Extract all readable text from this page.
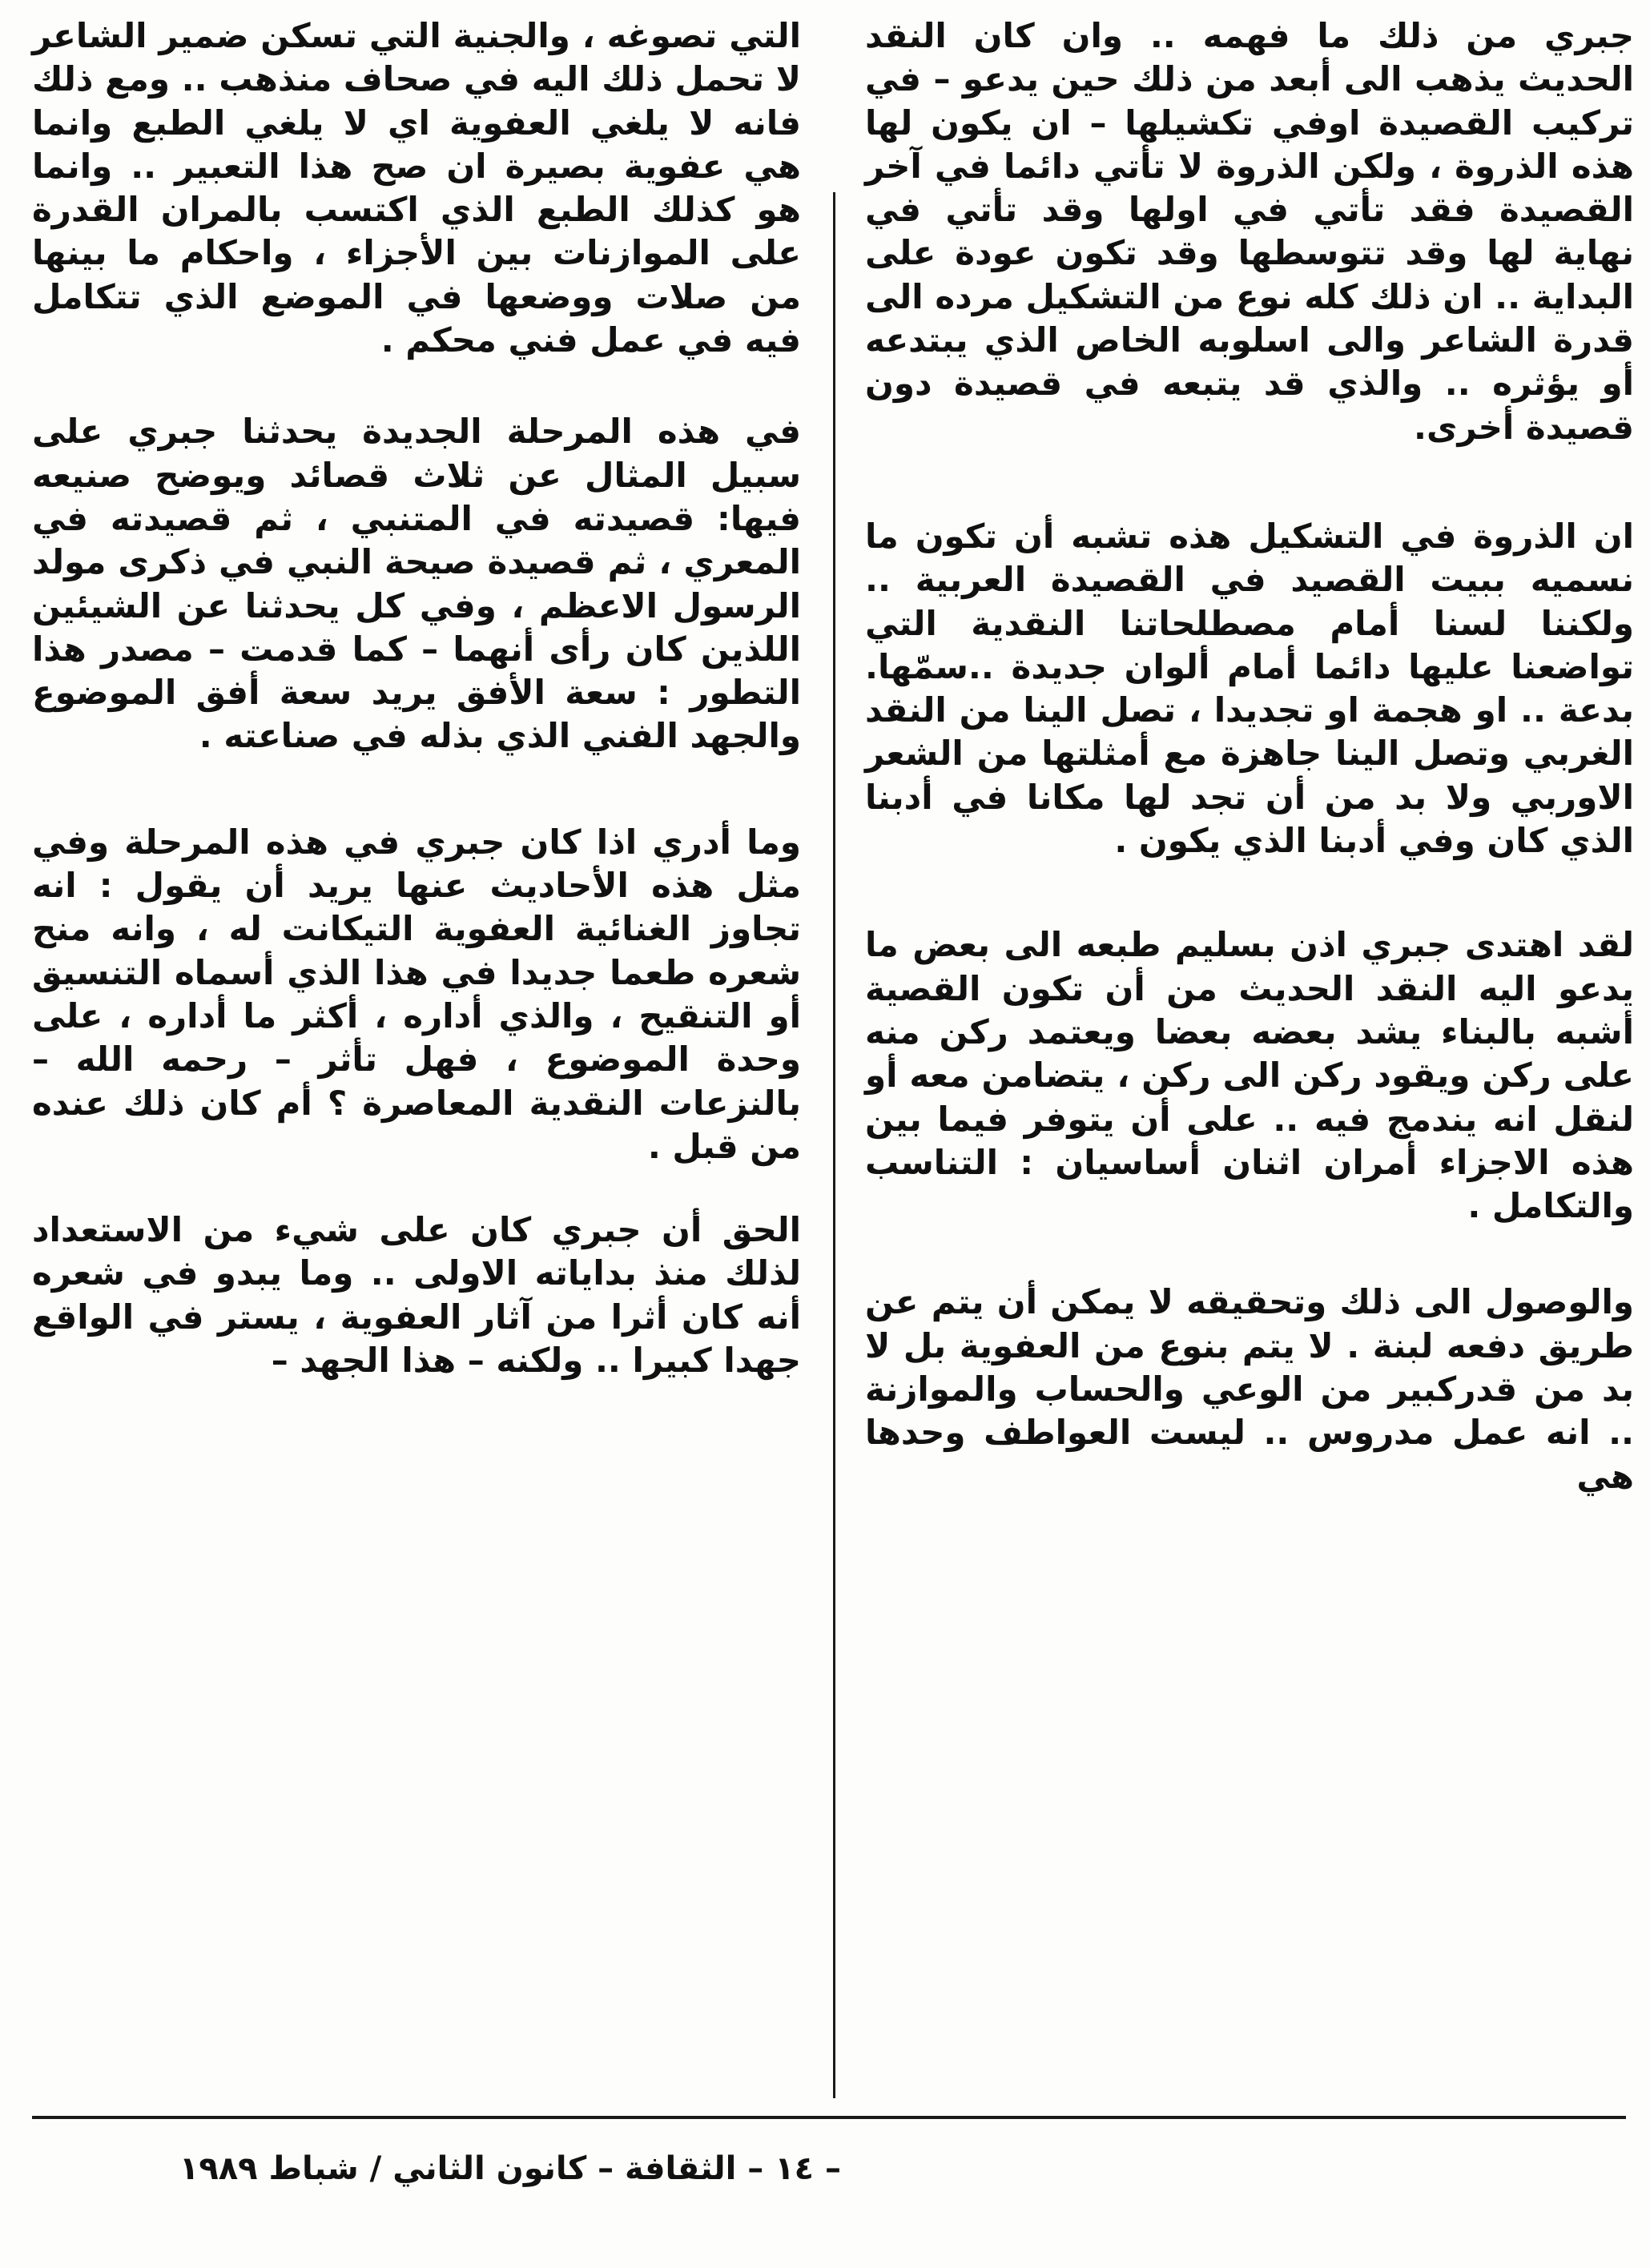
جبري من ذلك ما فهمه .. وان كان النقد الحديث يذهب الى أبعد من ذلك حين يدعو – في تركيب القصيدة اوفي تكشيلها – ان يكون لها هذه الذروة ، ولكن الذروة لا تأتي دائما في آخر القصيدة فقد تأتي في اولها وقد تأتي في نهاية لها وقد تتوسطها وقد تكون عودة على البداية .. ان ذلك كله نوع من التشكيل مرده الى قدرة الشاعر والى اسلوبه الخاص الذي يبتدعه أو يؤثره .. والذي قد يتبعه في قصيدة دون قصيدة أخرى.

ان الذروة في التشكيل هذه تشبه أن تكون ما نسميه ببيت القصيد في القصيدة العربية .. ولكننا لسنا أمام مصطلحاتنا النقدية التي تواضعنا عليها دائما أمام ألوان جديدة ..سمّها. بدعة .. او هجمة او تجديدا ، تصل الينا من النقد الغربي وتصل الينا جاهزة مع أمثلتها من الشعر الاوربي ولا بد من أن تجد لها مكانا في أدبنا الذي كان وفي أدبنا الذي يكون .

لقد اهتدى جبري اذن بسليم طبعه الى بعض ما يدعو اليه النقد الحديث من أن تكون القصية أشبه بالبناء يشد بعضه بعضا ويعتمد ركن منه على ركن ويقود ركن الى ركن ، يتضامن معه أو لنقل انه يندمج فيه .. على أن يتوفر فيما بين هذه الاجزاء أمران اثنان أساسيان : التناسب والتكامل .

والوصول الى ذلك وتحقيقه لا يمكن أن يتم عن طريق دفعه لبنة . لا يتم بنوع من العفوية بل لا بد من قدركبير من الوعي والحساب والموازنة .. انه عمل مدروس .. ليست العواطف وحدها هي

التي تصوغه ، والجنية التي تسكن ضمير الشاعر لا تحمل ذلك اليه في صحاف منذهب .. ومع ذلك فانه لا يلغي العفوية اي لا يلغي الطبع وانما هي عفوية بصيرة ان صح هذا التعبير .. وانما هو كذلك الطبع الذي اكتسب بالمران القدرة على الموازنات بين الأجزاء ، واحكام ما بينها من صلات ووضعها في الموضع الذي تتكامل فيه في عمل فني محكم .

في هذه المرحلة الجديدة يحدثنا جبري على سبيل المثال عن ثلاث قصائد ويوضح صنيعه فيها: قصيدته في المتنبي ، ثم قصيدته في المعري ، ثم قصيدة صيحة النبي في ذكرى مولد الرسول الاعظم ، وفي كل يحدثنا عن الشيئين اللذين كان رأى أنهما – كما قدمت – مصدر هذا التطور : سعة الأفق يريد سعة أفق الموضوع والجهد الفني الذي بذله في صناعته .

وما أدري اذا كان جبري في هذه المرحلة وفي مثل هذه الأحاديث عنها يريد أن يقول : انه تجاوز الغنائية العفوية التيكانت له ، وانه منح شعره طعما جديدا في هذا الذي أسماه التنسيق أو التنقيح ، والذي أداره ، أكثر ما أداره ، على وحدة الموضوع ، فهل تأثر – رحمه الله – بالنزعات النقدية المعاصرة ؟ أم كان ذلك عنده من قبل .

الحق أن جبري كان على شيء من الاستعداد لذلك منذ بداياته الاولى .. وما يبدو في شعره أنه كان أثرا من آثار العفوية ، يستر في الواقع جهدا كبيرا .. ولكنه – هذا الجهد –

– ١٤ – الثقافة – كانون الثاني / شباط ١٩٨٩
